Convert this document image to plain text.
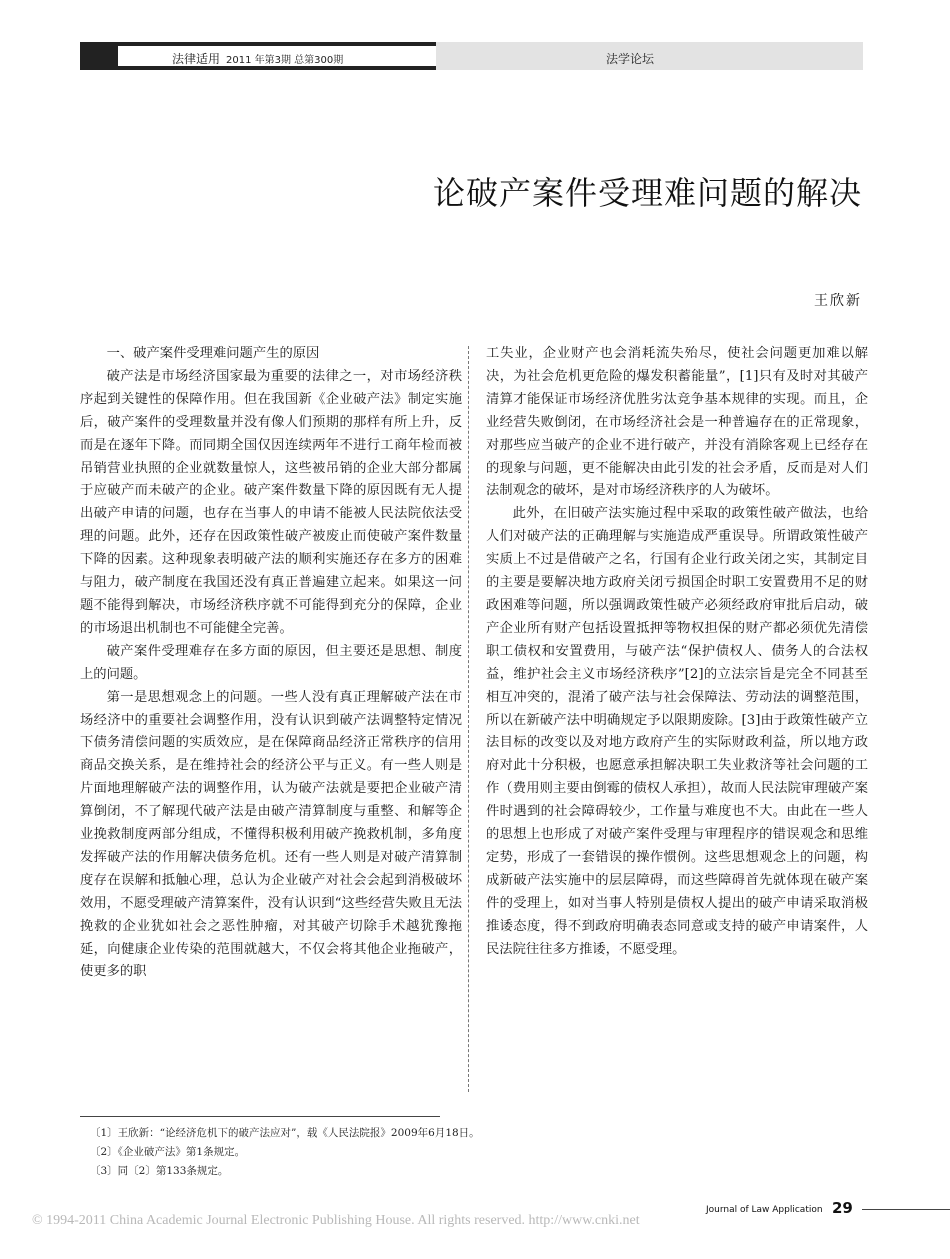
法律适用 2011 年第3期 总第300期	法学论坛
论破产案件受理难问题的解决
王欣新

一、破产案件受理难问题产生的原因

破产法是市场经济国家最为重要的法律之一，对市场经济秩序起到关键性的保障作用。但在我国新《企业破产法》制定实施后，破产案件的受理数量并没有像人们预期的那样有所上升，反而是在逐年下降。而同期全国仅因连续两年不进行工商年检而被吊销营业执照的企业就数量惊人，这些被吊销的企业大部分都属于应破产而未破产的企业。破产案件数量下降的原因既有无人提出破产申请的问题，也存在当事人的申请不能被人民法院依法受理的问题。此外，还存在因政策性破产被废止而使破产案件数量下降的因素。这种现象表明破产法的顺利实施还存在多方的困难与阻力，破产制度在我国还没有真正普遍建立起来。如果这一问题不能得到解决，市场经济秩序就不可能得到充分的保障，企业的市场退出机制也不可能健全完善。

破产案件受理难存在多方面的原因，但主要还是思想、制度上的问题。

第一是思想观念上的问题。一些人没有真正理解破产法在市场经济中的重要社会调整作用，没有认识到破产法调整特定情况下债务清偿问题的实质效应，是在保障商品经济正常秩序的信用商品交换关系，是在维持社会的经济公平与正义。有一些人则是片面地理解破产法的调整作用，认为破产法就是要把企业破产清算倒闭，不了解现代破产法是由破产清算制度与重整、和解等企业挽救制度两部分组成，不懂得积极利用破产挽救机制，多角度发挥破产法的作用解决债务危机。还有一些人则是对破产清算制度存在误解和抵触心理，总认为企业破产对社会会起到消极破坏效用，不愿受理破产清算案件，没有认识到“这些经营失败且无法挽救的企业犹如社会之恶性肿瘤，对其破产切除手术越犹豫拖延，向健康企业传染的范围就越大，不仅会将其他企业拖破产，使更多的职

工失业，企业财产也会消耗流失殆尽，使社会问题更加难以解决，为社会危机更危险的爆发积蓄能量”，[1]只有及时对其破产清算才能保证市场经济优胜劣汰竞争基本规律的实现。而且，企业经营失败倒闭，在市场经济社会是一种普遍存在的正常现象，对那些应当破产的企业不进行破产，并没有消除客观上已经存在的现象与问题，更不能解决由此引发的社会矛盾，反而是对人们法制观念的破坏，是对市场经济秩序的人为破坏。

此外，在旧破产法实施过程中采取的政策性破产做法，也给人们对破产法的正确理解与实施造成严重误导。所谓政策性破产实质上不过是借破产之名，行国有企业行政关闭之实，其制定目的主要是要解决地方政府关闭亏损国企时职工安置费用不足的财政困难等问题，所以强调政策性破产必须经政府审批后启动，破产企业所有财产包括设置抵押等物权担保的财产都必须优先清偿职工债权和安置费用，与破产法“保护债权人、债务人的合法权益，维护社会主义市场经济秩序”[2]的立法宗旨是完全不同甚至相互冲突的，混淆了破产法与社会保障法、劳动法的调整范围，所以在新破产法中明确规定予以限期废除。[3]由于政策性破产立法目标的改变以及对地方政府产生的实际财政利益，所以地方政府对此十分积极，也愿意承担解决职工失业救济等社会问题的工作（费用则主要由倒霉的债权人承担），故而人民法院审理破产案件时遇到的社会障碍较少，工作量与难度也不大。由此在一些人的思想上也形成了对破产案件受理与审理程序的错误观念和思维定势，形成了一套错误的操作惯例。这些思想观念上的问题，构成新破产法实施中的层层障碍，而这些障碍首先就体现在破产案件的受理上，如对当事人特别是债权人提出的破产申请采取消极推诿态度，得不到政府明确表态同意或支持的破产申请案件，人民法院往往多方推诿，不愿受理。

〔1〕王欣新：“论经济危机下的破产法应对”，载《人民法院报》2009年6月18日。
〔2〕《企业破产法》第1条规定。
〔3〕同〔2〕第133条规定。
Journal of Law Application 29
© 1994-2011 China Academic Journal Electronic Publishing House. All rights reserved. http://www.cnki.net
